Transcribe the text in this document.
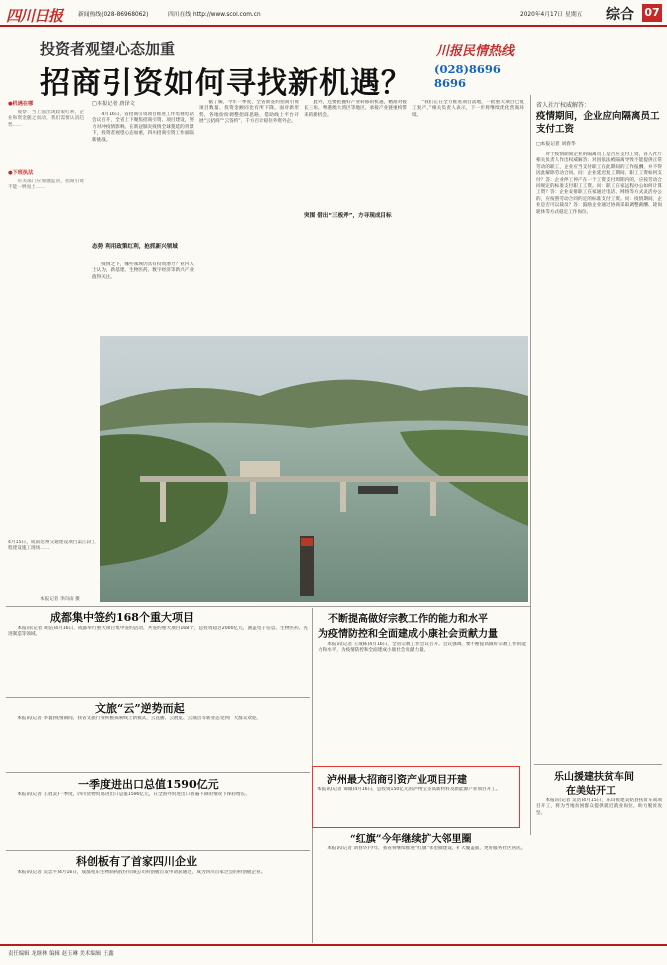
四川日报	新闻热线(028-86968062)	四川在线 http://www.scol.com.cn	2020年4月17日 星期五 综合 07
投资者观望心态加重
招商引资如何寻找新机遇？
川报民情热线
(028)8696 8696
●机遇在哪
　　观察：当上面出现政策红利，企业和资金随之而动，我们需要认清趋势……
●下班执法
　　有关部门应加强监管，招商引资不能一哄而上……
□本报记者 唐泽文
　　4月16日，省招商引资项目推进工作电视电话会议召开，全省上下聚焦招商引资、项目建设，努力对冲疫情影响。在新冠肺炎疫情全球蔓延的背景下，投资者观望心态加重，四川招商引资工作面临新挑战。
态势 利用政策红利，抢抓新兴领域
　　疫情之下，哪些领域仍具有投资潜力？业内人士认为，新基建、生物医药、数字经济等新兴产业值得关注。
　　据了解，今年一季度，全省新签约招商引资项目数量、投资金额同比有所下降。面对新形势，各地纷纷调整招商思路，借助线上平台开展“云招商”“云签约”，千方百计稳住外资外企。
　　此外，还要把握好产业转移的机遇，精准对接长三角、粤港澳大湾区等地区，承接产业链重构带来的新机会。
突围 借出“三板斧”，方寻现成目标
　　“我们正在全力推进项目落地，一批重大项目已复工复产。”相关负责人表示，下一步将继续优化营商环境。
4月15日，成南达州交通建设项目渠江段工程建设施工现场……
本报记者 李向雨 摄
省人社厅权威解答：
疫情期间，企业应向隔离员工支付工资
□本报记者 刘春华
　　对于疫情期间企业的隔离员工是否应支付工资，省人社厅相关负责人作出权威解答：对因依法被隔离导致不能提供正常劳动的职工，企业应当支付职工在此期间的工作报酬，并不得因此解除劳动合同。问：企业延迟复工期间，职工工资如何支付？答：企业停工停产在一个工资支付周期内的，应按劳动合同规定的标准支付职工工资。问：职工在家远程办公如何计算工资？答：企业安排职工在家通过电话、网络等方式灵活办公的，应按照劳动合同约定的标准支付工资。问：疫情期间，企业是否可以裁员？答：鼓励企业通过协商采取调整薪酬、轮岗轮休等方式稳定工作岗位。
成都集中签约168个重大项目
　　本报讯(记者 胡洁)4月16日，成都举行重大项目集中签约活动，共签约重大项目168个，总投资超过2000亿元，涵盖电子信息、生物医药、先进制造等领域。
文旅“云”逆势而起
　　本报讯(记者 李寰)疫情期间，我省文旅行业积极探索线上新模式，云直播、云展览、云演出等新业态受到广大群众欢迎。
一季度进出口总值1590亿元
　　本报讯(记者 王眉灵)一季度，四川货物贸易进出口总值1590亿元，在全国外贸进出口普遍下降的情况下保持增长。
科创板有了首家四川企业
　　本报讯(记者 吴忠平)4月16日，成都苑东生物制药股份有限公司科创板首发申请获通过，成为四川首家过会的科创板企业。
不断提高做好宗教工作的能力和水平
为疫情防控和全面建成小康社会贡献力量
　　本报讯(记者 王成栋)4月16日，全省宗教工作会议召开。会议强调，要不断提高做好宗教工作的能力和水平，为疫情防控和全面建成小康社会贡献力量。
泸州最大招商引资产业项目开建
本报讯(记者 谭雄)4月16日，总投资150亿元的泸州宝圣高新材料及新能源产业项目开工。
“红旗”今年继续扩大邻里圈
　　本报讯(记者 刘春华)今年，我省将继续推进“红旗”邻里圈建设，扩大覆盖面，更好服务社区居民。
乐山援建扶贫车间
在美姑开工
　　本报讯(记者 吴浩)4月15日，乐山援建美姑县扶贫车间项目开工，将为当地贫困群众提供就近就业岗位，助力脱贫攻坚。
责任编辑 龙继林 编辑 赵玉琳 美术编辑 王鑫
